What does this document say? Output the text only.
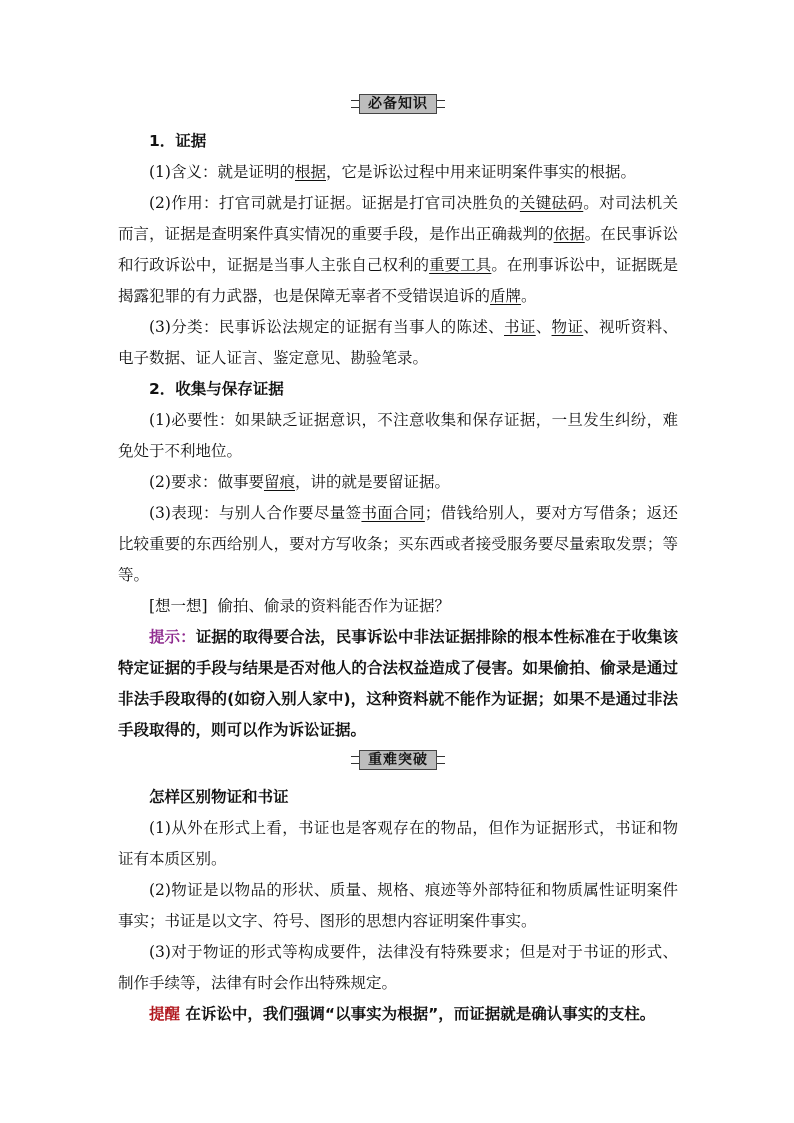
必备知识

1．证据

(1)含义：就是证明的根据，它是诉讼过程中用来证明案件事实的根据。

(2)作用：打官司就是打证据。证据是打官司决胜负的关键砝码。对司法机关而言，证据是查明案件真实情况的重要手段，是作出正确裁判的依据。在民事诉讼和行政诉讼中，证据是当事人主张自己权利的重要工具。在刑事诉讼中，证据既是揭露犯罪的有力武器，也是保障无辜者不受错误追诉的盾牌。

(3)分类：民事诉讼法规定的证据有当事人的陈述、书证、物证、视听资料、电子数据、证人证言、鉴定意见、勘验笔录。

2．收集与保存证据

(1)必要性：如果缺乏证据意识，不注意收集和保存证据，一旦发生纠纷，难免处于不利地位。

(2)要求：做事要留痕，讲的就是要留证据。

(3)表现：与别人合作要尽量签书面合同；借钱给别人，要对方写借条；返还比较重要的东西给别人，要对方写收条；买东西或者接受服务要尽量索取发票；等等。

[想一想] 偷拍、偷录的资料能否作为证据？

提示：证据的取得要合法，民事诉讼中非法证据排除的根本性标准在于收集该特定证据的手段与结果是否对他人的合法权益造成了侵害。如果偷拍、偷录是通过非法手段取得的(如窃入别人家中)，这种资料就不能作为证据；如果不是通过非法手段取得的，则可以作为诉讼证据。

重难突破

怎样区别物证和书证

(1)从外在形式上看，书证也是客观存在的物品，但作为证据形式，书证和物证有本质区别。

(2)物证是以物品的形状、质量、规格、痕迹等外部特征和物质属性证明案件事实；书证是以文字、符号、图形的思想内容证明案件事实。

(3)对于物证的形式等构成要件，法律没有特殊要求；但是对于书证的形式、制作手续等，法律有时会作出特殊规定。

提醒 在诉讼中，我们强调“以事实为根据”，而证据就是确认事实的支柱。
